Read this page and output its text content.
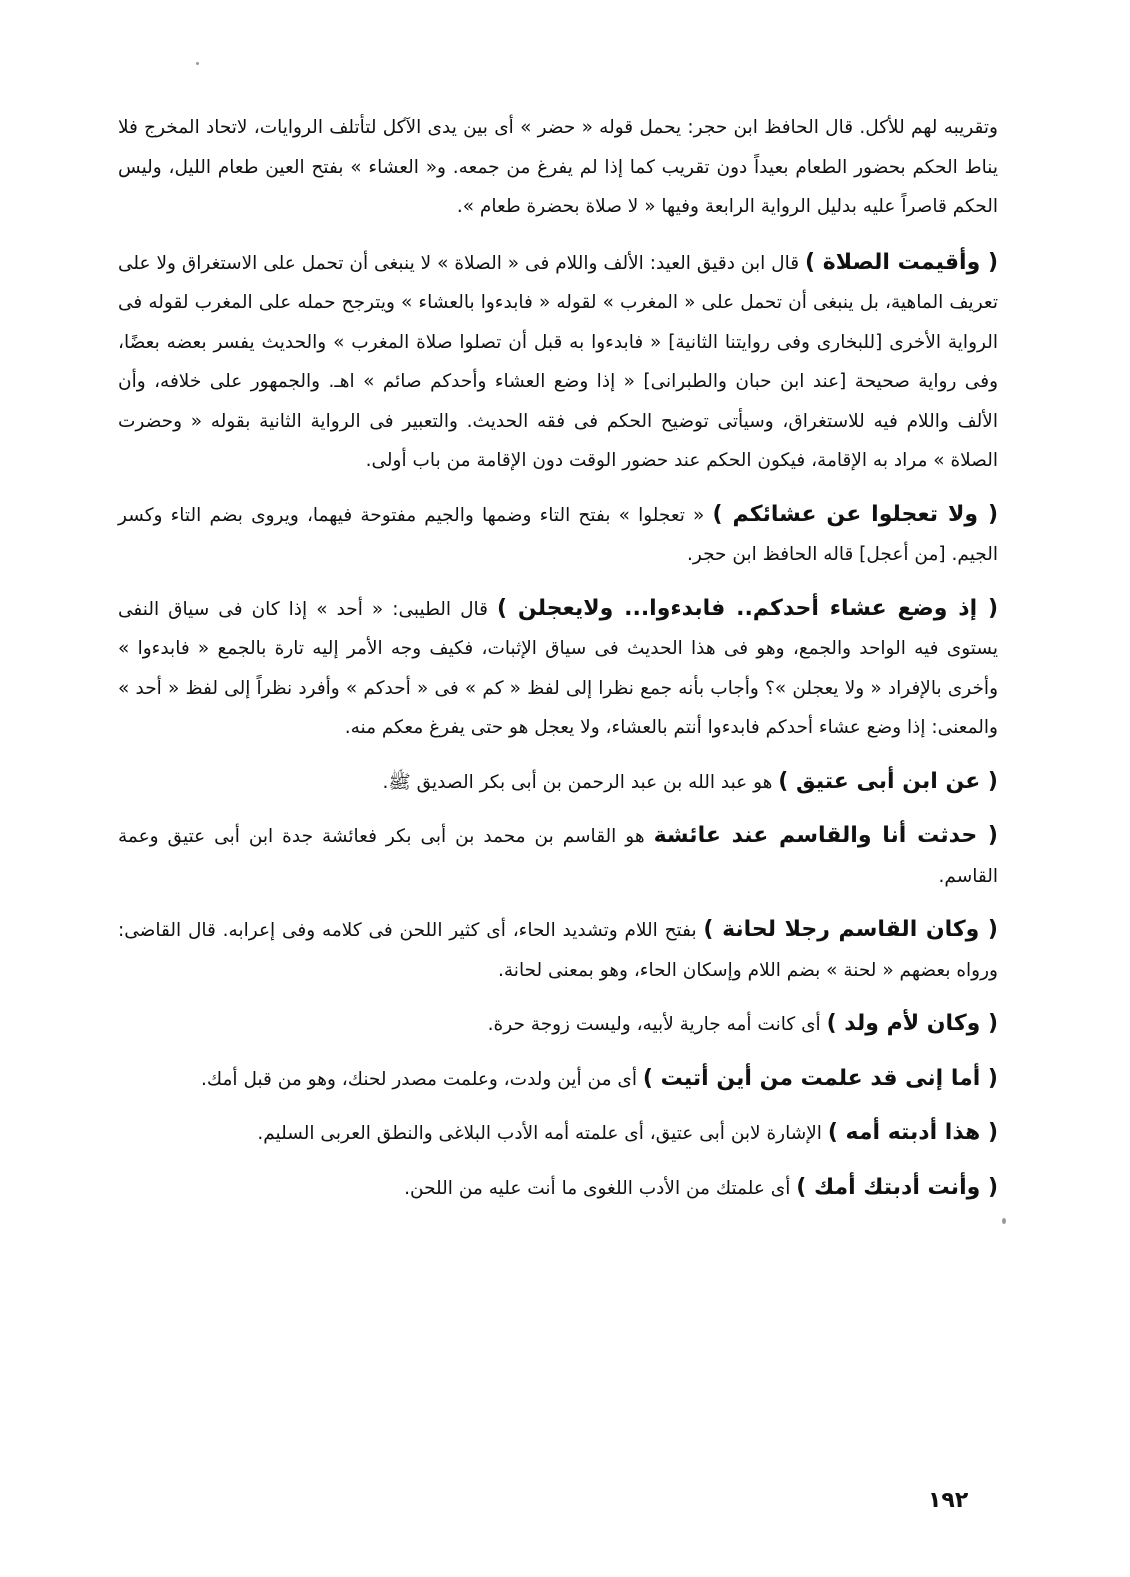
وتقريبه لهم للأكل. قال الحافظ ابن حجر: يحمل قوله « حضر » أى بين يدى الآكل لتأتلف الروايات، لاتحاد المخرج فلا يناط الحكم بحضور الطعام بعيداً دون تقريب كما إذا لم يفرغ من جمعه. و« العشاء » بفتح العين طعام الليل، وليس الحكم قاصراً عليه بدليل الرواية الرابعة وفيها « لا صلاة بحضرة طعام ».

( وأقيمت الصلاة ) قال ابن دقيق العيد: الألف واللام فى « الصلاة » لا ينبغى أن تحمل على الاستغراق ولا على تعريف الماهية، بل ينبغى أن تحمل على « المغرب » لقوله « فابدءوا بالعشاء » ويترجح حمله على المغرب لقوله فى الرواية الأخرى [للبخارى وفى روايتنا الثانية] « فابدءوا به قبل أن تصلوا صلاة المغرب » والحديث يفسر بعضه بعضًا، وفى رواية صحيحة [عند ابن حبان والطبرانى] « إذا وضع العشاء وأحدكم صائم » اهـ. والجمهور على خلافه، وأن الألف واللام فيه للاستغراق، وسيأتى توضيح الحكم فى فقه الحديث. والتعبير فى الرواية الثانية بقوله « وحضرت الصلاة » مراد به الإقامة، فيكون الحكم عند حضور الوقت دون الإقامة من باب أولى.

( ولا تعجلوا عن عشائكم ) « تعجلوا » بفتح التاء وضمها والجيم مفتوحة فيهما، ويروى بضم التاء وكسر الجيم. [من أعجل] قاله الحافظ ابن حجر.

( إذ وضع عشاء أحدكم.. فابدءوا... ولايعجلن ) قال الطيبى: « أحد » إذا كان فى سياق النفى يستوى فيه الواحد والجمع، وهو فى هذا الحديث فى سياق الإثبات، فكيف وجه الأمر إليه تارة بالجمع « فابدءوا » وأخرى بالإفراد « ولا يعجلن »؟ وأجاب بأنه جمع نظرا إلى لفظ « كم » فى « أحدكم » وأفرد نظراً إلى لفظ « أحد » والمعنى: إذا وضع عشاء أحدكم فابدءوا أنتم بالعشاء، ولا يعجل هو حتى يفرغ معكم منه.

( عن ابن أبى عتيق ) هو عبد الله بن عبد الرحمن بن أبى بكر الصديق ﷺ.

( حدثت أنا والقاسم عند عائشة هو القاسم بن محمد بن أبى بكر فعائشة جدة ابن أبى عتيق وعمة القاسم.

( وكان القاسم رجلا لحانة ) بفتح اللام وتشديد الحاء، أى كثير اللحن فى كلامه وفى إعرابه. قال القاضى: ورواه بعضهم « لحنة » بضم اللام وإسكان الحاء، وهو بمعنى لحانة.

( وكان لأم ولد ) أى كانت أمه جارية لأبيه، وليست زوجة حرة.

( أما إنى قد علمت من أين أتيت ) أى من أين ولدت، وعلمت مصدر لحنك، وهو من قبل أمك.

( هذا أدبته أمه ) الإشارة لابن أبى عتيق، أى علمته أمه الأدب البلاغى والنطق العربى السليم.

( وأنت أدبتك أمك ) أى علمتك من الأدب اللغوى ما أنت عليه من اللحن.

١٩٢
